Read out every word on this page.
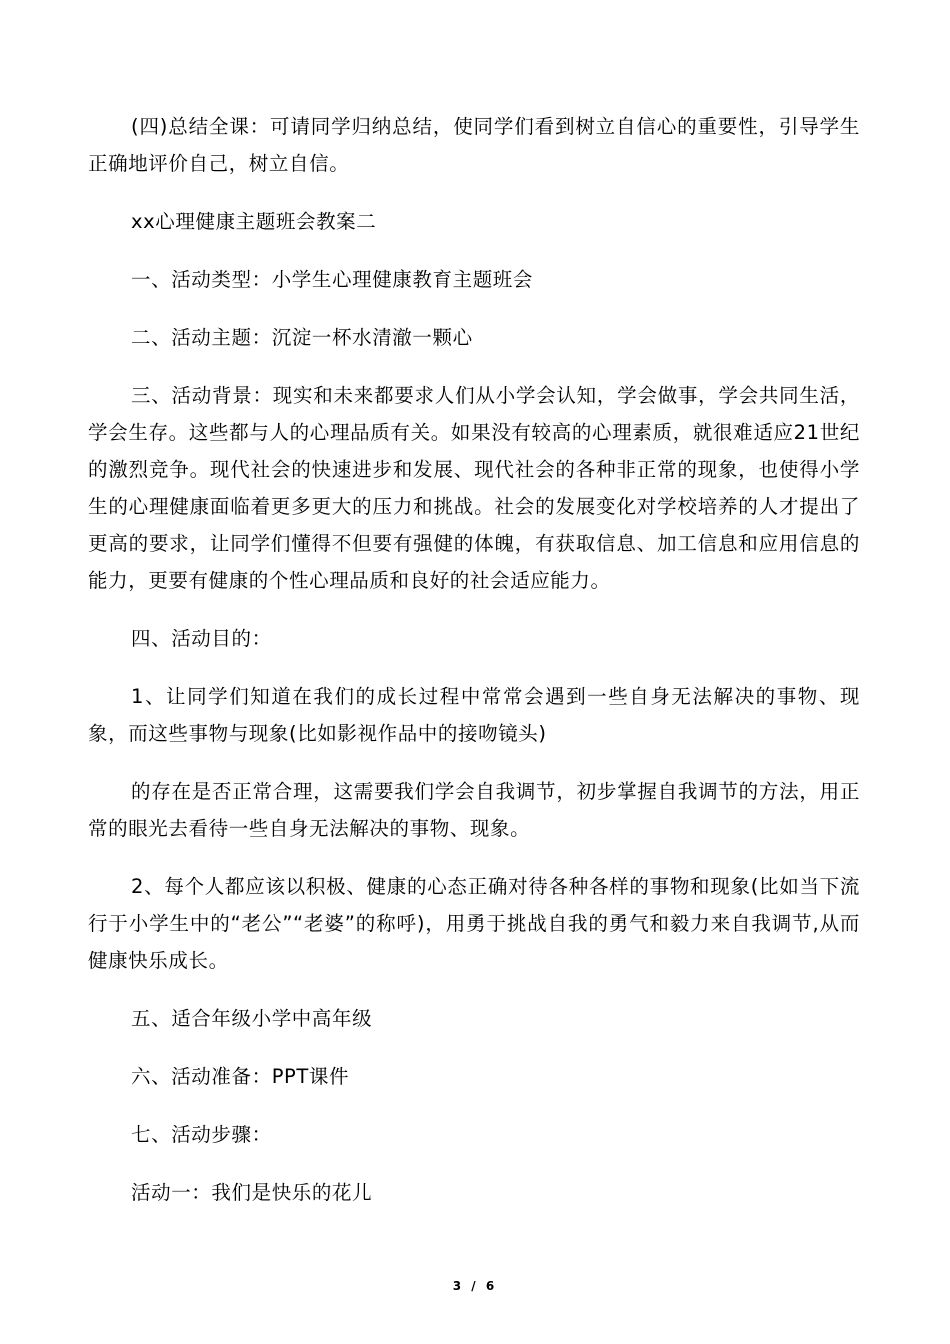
(四)总结全课：可请同学归纳总结，使同学们看到树立自信心的重要性，引导学生正确地评价自己，树立自信。

xx心理健康主题班会教案二

一、活动类型：小学生心理健康教育主题班会

二、活动主题：沉淀一杯水清澈一颗心

三、活动背景：现实和未来都要求人们从小学会认知，学会做事，学会共同生活，学会生存。这些都与人的心理品质有关。如果没有较高的心理素质，就很难适应21世纪的激烈竞争。现代社会的快速进步和发展、现代社会的各种非正常的现象，也使得小学生的心理健康面临着更多更大的压力和挑战。社会的发展变化对学校培养的人才提出了更高的要求，让同学们懂得不但要有强健的体魄，有获取信息、加工信息和应用信息的能力，更要有健康的个性心理品质和良好的社会适应能力。

四、活动目的：

1、让同学们知道在我们的成长过程中常常会遇到一些自身无法解决的事物、现象，而这些事物与现象(比如影视作品中的接吻镜头)

的存在是否正常合理，这需要我们学会自我调节，初步掌握自我调节的方法，用正常的眼光去看待一些自身无法解决的事物、现象。

2、每个人都应该以积极、健康的心态正确对待各种各样的事物和现象(比如当下流行于小学生中的“老公”“老婆”的称呼)，用勇于挑战自我的勇气和毅力来自我调节,从而健康快乐成长。

五、适合年级小学中高年级

六、活动准备：PPT课件

七、活动步骤：

活动一：我们是快乐的花儿

3 / 6
